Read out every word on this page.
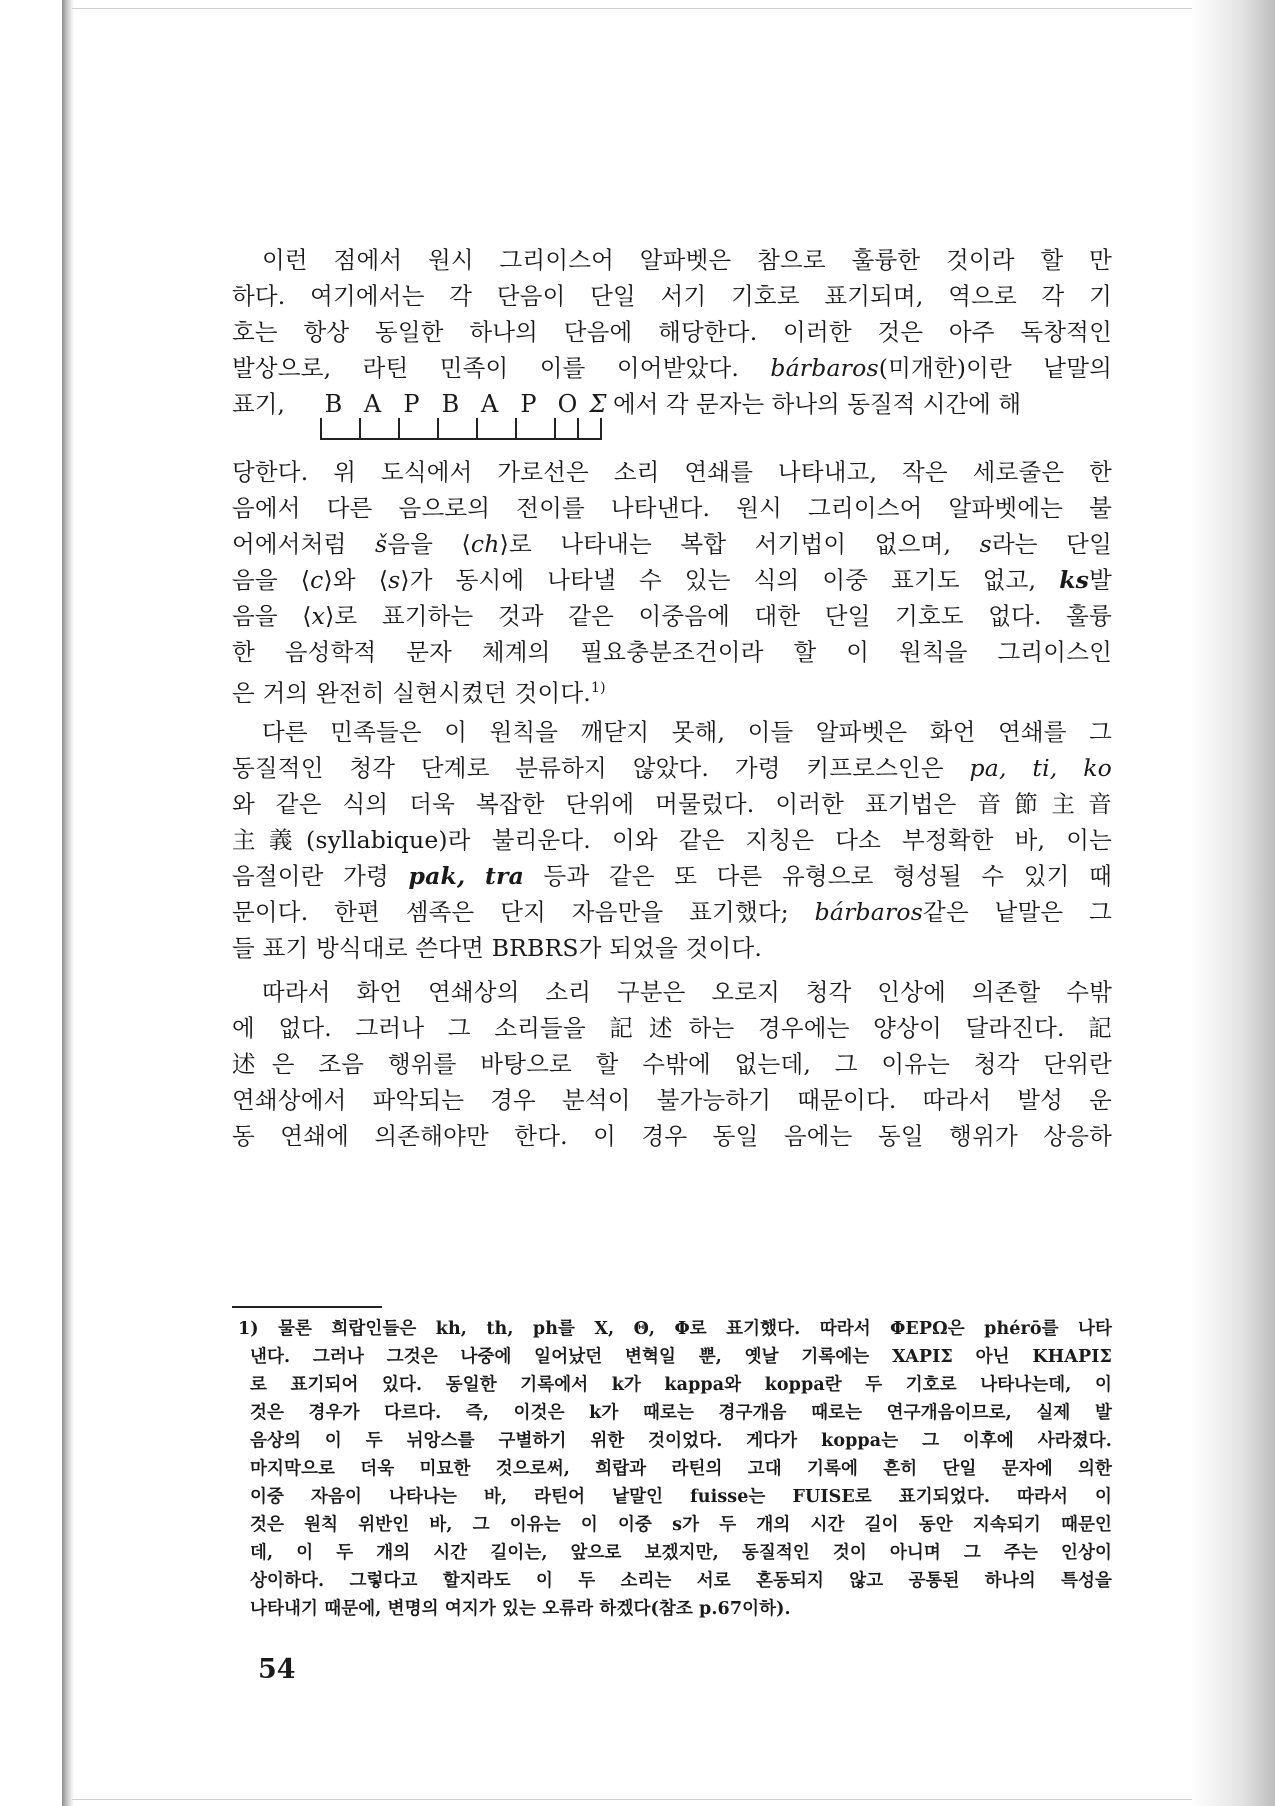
이런 점에서 원시 그리이스어 알파벳은 참으로 훌륭한 것이라 할 만
하다. 여기에서는 각 단음이 단일 서기 기호로 표기되며, 역으로 각 기
호는 항상 동일한 하나의 단음에 해당한다. 이러한 것은 아주 독창적인
발상으로, 라틴 민족이 이를 이어받았다. bárbaros(미개한)이란 낱말의
표기,	B A P B A P O Σ 에서 각 문자는 하나의 동질적 시간에 해
당한다. 위 도식에서 가로선은 소리 연쇄를 나타내고, 작은 세로줄은 한
음에서 다른 음으로의 전이를 나타낸다. 원시 그리이스어 알파벳에는 불
어에서처럼 š음을 ⟨ch⟩로 나타내는 복합 서기법이 없으며, s라는 단일
음을 ⟨c⟩와 ⟨s⟩가 동시에 나타낼 수 있는 식의 이중 표기도 없고, ks발
음을 ⟨x⟩로 표기하는 것과 같은 이중음에 대한 단일 기호도 없다. 훌륭
한 음성학적 문자 체계의 필요충분조건이라 할 이 원칙을 그리이스인
은 거의 완전히 실현시켰던 것이다.$^{1)}$
다른 민족들은 이 원칙을 깨닫지 못해, 이들 알파벳은 화언 연쇄를 그
동질적인 청각 단계로 분류하지 않았다. 가령 키프로스인은 pa, ti, ko
와 같은 식의 더욱 복잡한 단위에 머물렀다. 이러한 표기법은 音節主音
主義(syllabique)라 불리운다. 이와 같은 지칭은 다소 부정확한 바, 이는
음절이란 가령 pak, tra 등과 같은 또 다른 유형으로 형성될 수 있기 때
문이다. 한편 셈족은 단지 자음만을 표기했다; bárbaros같은 낱말은 그
들 표기 방식대로 쓴다면 BRBRS가 되었을 것이다.
따라서 화언 연쇄상의 소리 구분은 오로지 청각 인상에 의존할 수밖
에 없다. 그러나 그 소리들을 記述하는 경우에는 양상이 달라진다. 記
述은 조음 행위를 바탕으로 할 수밖에 없는데, 그 이유는 청각 단위란
연쇄상에서 파악되는 경우 분석이 불가능하기 때문이다. 따라서 발성 운
동 연쇄에 의존해야만 한다. 이 경우 동일 음에는 동일 행위가 상응하
1) 물론 희랍인들은 kh, th, ph를 X, Θ, Φ로 표기했다. 따라서 ΦΕΡΩ은 phérō를 나타
낸다. 그러나 그것은 나중에 일어났던 변혁일 뿐, 옛날 기록에는 XAPIΣ 아닌 KHAPIΣ
로 표기되어 있다. 동일한 기록에서 k가 kappa와 koppa란 두 기호로 나타나는데, 이
것은 경우가 다르다. 즉, 이것은 k가 때로는 경구개음 때로는 연구개음이므로, 실제 발
음상의 이 두 뉘앙스를 구별하기 위한 것이었다. 게다가 koppa는 그 이후에 사라졌다.
마지막으로 더욱 미묘한 것으로써, 희랍과 라틴의 고대 기록에 흔히 단일 문자에 의한
이중 자음이 나타나는 바, 라틴어 낱말인 fuisse는 FUISE로 표기되었다. 따라서 이
것은 원칙 위반인 바, 그 이유는 이 이중 s가 두 개의 시간 길이 동안 지속되기 때문인
데, 이 두 개의 시간 길이는, 앞으로 보겠지만, 동질적인 것이 아니며 그 주는 인상이
상이하다. 그렇다고 할지라도 이 두 소리는 서로 혼동되지 않고 공통된 하나의 특성을
나타내기 때문에, 변명의 여지가 있는 오류라 하겠다(참조 p.67이하).
54
